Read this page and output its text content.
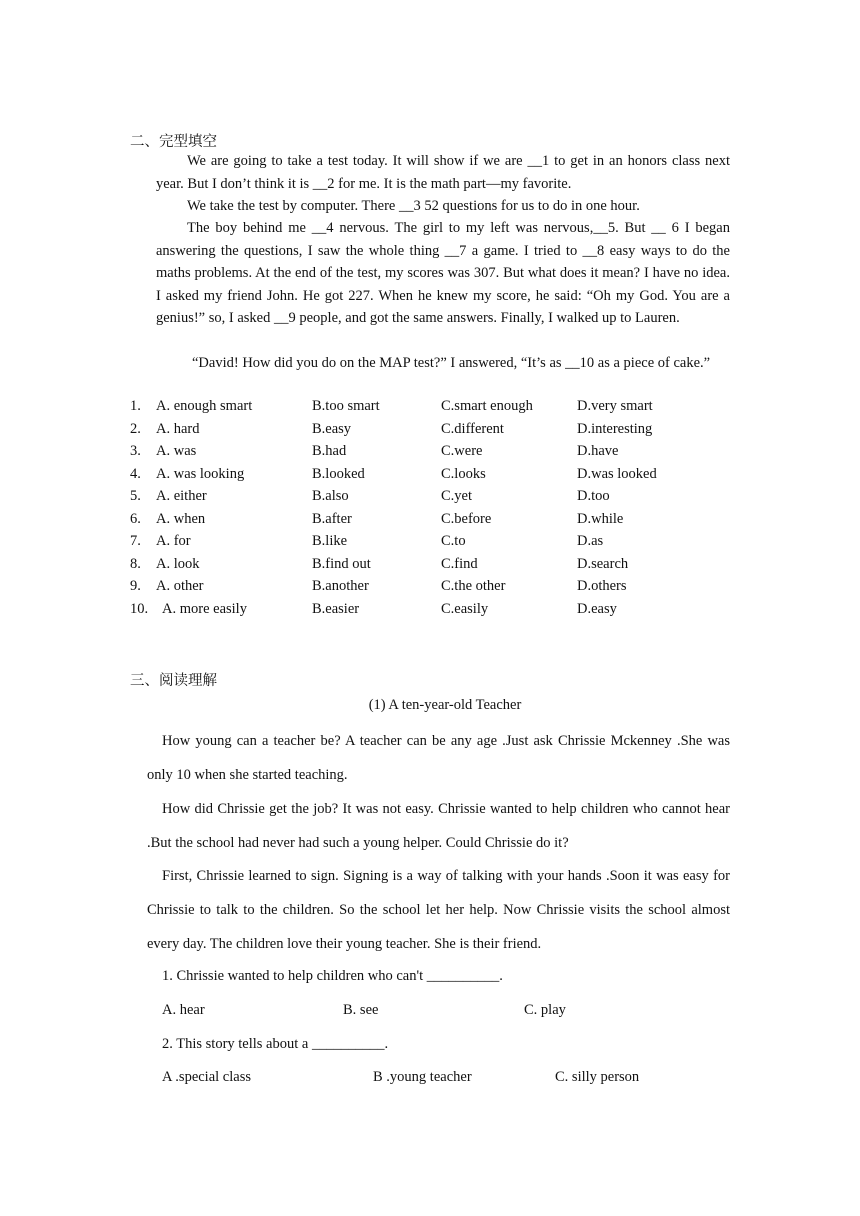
二、完型填空
We are going to take a test today. It will show if we are __1 to get in an honors class next year. But I don’t think it is __2 for me. It is the math part—my favorite.
We take the test by computer. There __3 52 questions for us to do in one hour.
The boy behind me __4 nervous. The girl to my left was nervous,__5. But __ 6 I began answering the questions, I saw the whole thing __7 a game. I tried to __8 easy ways to do the maths problems. At the end of the test, my scores was 307. But what does it mean? I have no idea. I asked my friend John. He got 227. When he knew my score, he said: “Oh my God. You are a genius!” so, I asked __9 people, and got the same answers. Finally, I walked up to Lauren.
“David! How did you do on the MAP test?” I answered, “It’s as __10 as a piece of cake.”
1. A. enough smart	B.too smart	C.smart enough	D.very smart
2. A. hard	B.easy	C.different	D.interesting
3. A. was	B.had	C.were	D.have
4. A. was looking	B.looked	C.looks	D.was looked
5. A. either	B.also	C.yet	D.too
6. A. when	B.after	C.before	D.while
7. A. for	B.like	C.to	D.as
8. A. look	B.find out	C.find	D.search
9. A. other	B.another	C.the other	D.others
10. A. more easily	B.easier	C.easily	D.easy
三、阅读理解
(1) A ten-year-old Teacher
How young can a teacher be? A teacher can be any age .Just ask Chrissie Mckenney .She was only 10 when she started teaching.
How did Chrissie get the job? It was not easy. Chrissie wanted to help children who cannot hear .But the school had never had such a young helper. Could Chrissie do it?
First, Chrissie learned to sign. Signing is a way of talking with your hands .Soon it was easy for Chrissie to talk to the children. So the school let her help. Now Chrissie visits the school almost every day. The children love their young teacher. She is their friend.
1. Chrissie wanted to help children who can't __________.
A. hear	B. see	C. play
2. This story tells about a __________.
A .special class	B .young teacher	C. silly person
